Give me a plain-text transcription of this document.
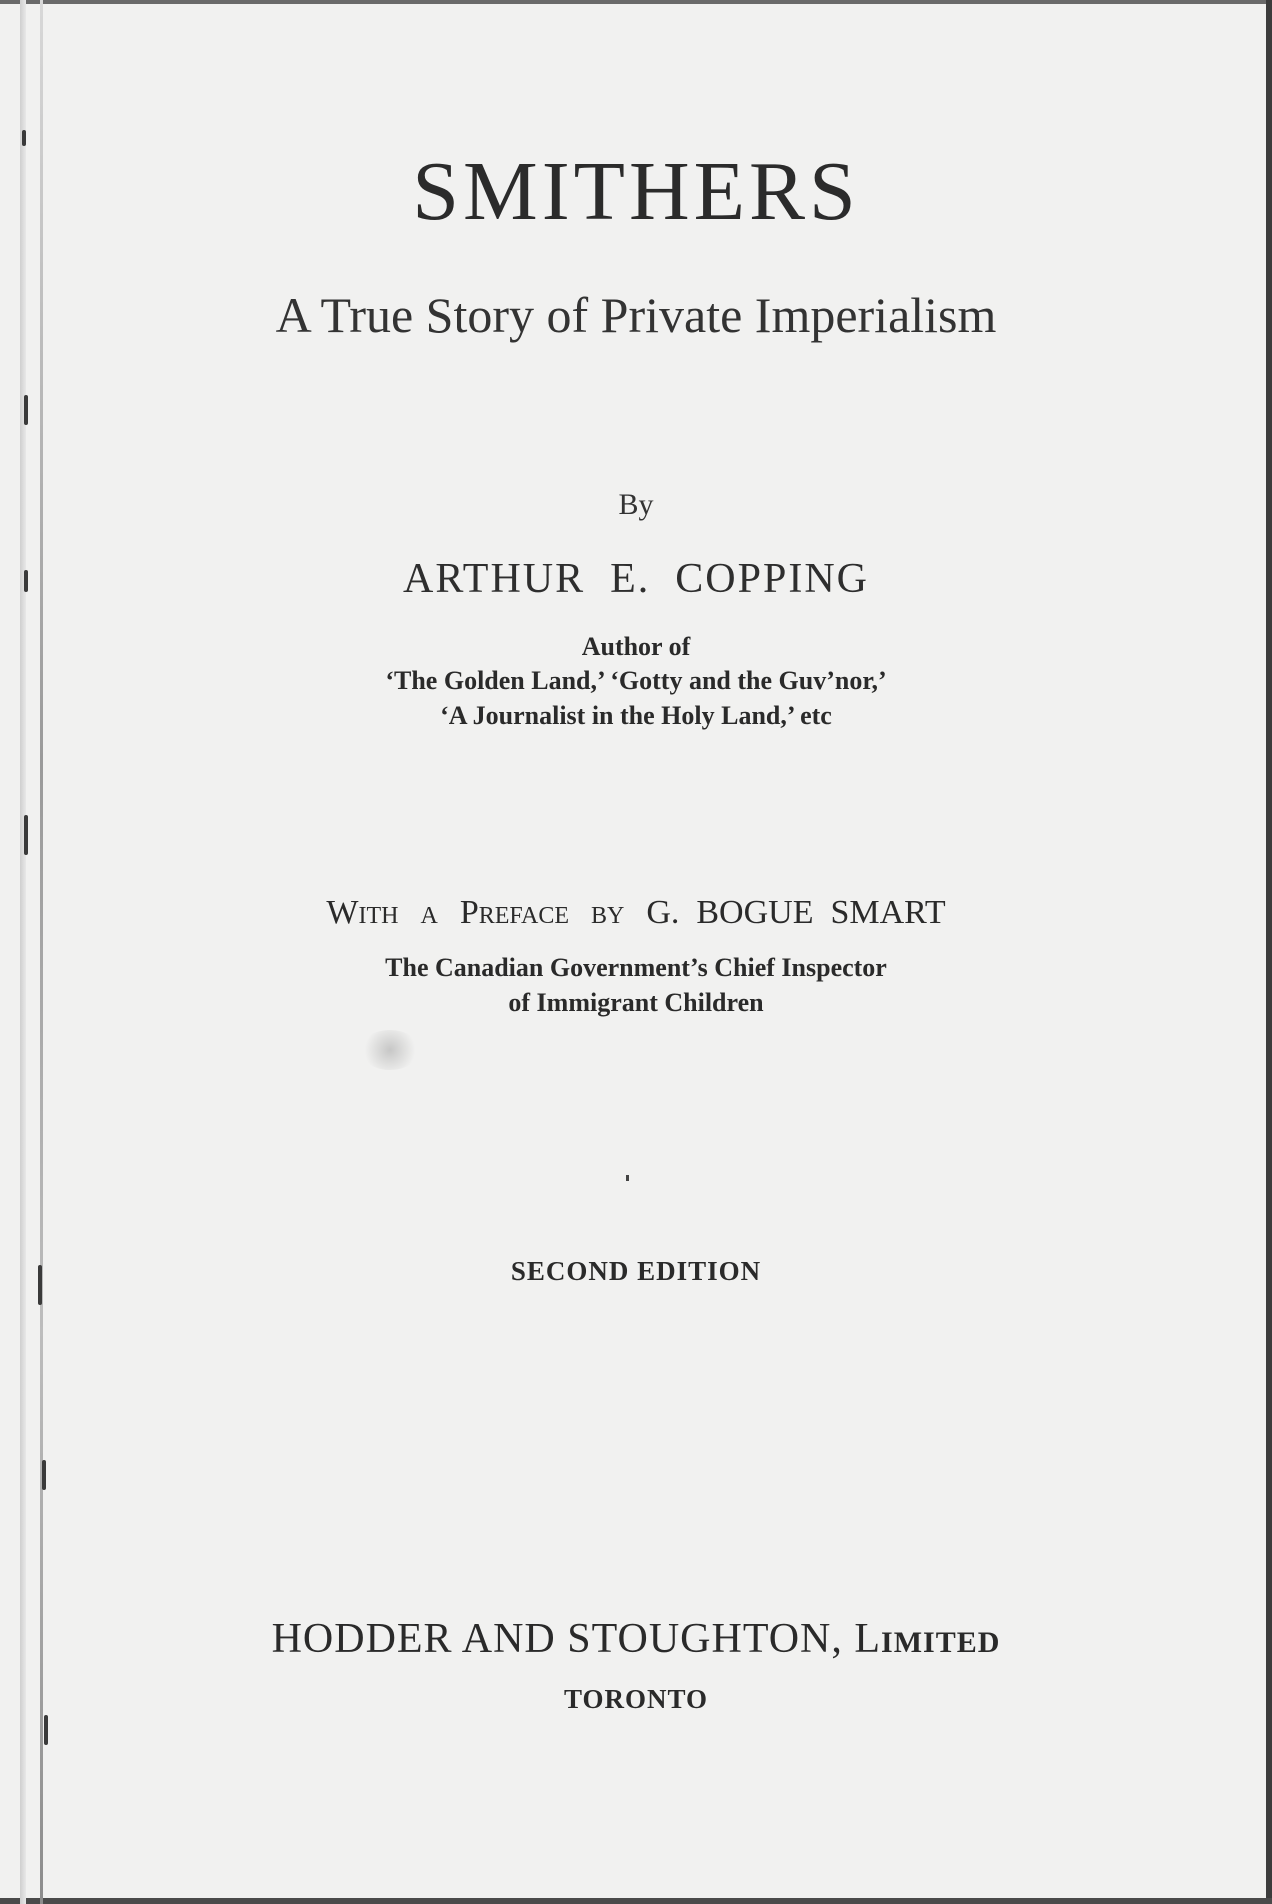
SMITHERS
A True Story of Private Imperialism
By
ARTHUR  E.  COPPING
Author of
‘The Golden Land,’ ‘Gotty and the Guv’nor,’
‘A Journalist in the Holy Land,’ etc
WITH A PREFACE BY G.  BOGUE  SMART
The Canadian Government’s Chief Inspector
of Immigrant Children
SECOND EDITION
HODDER AND STOUGHTON, LIMITED
TORONTO
